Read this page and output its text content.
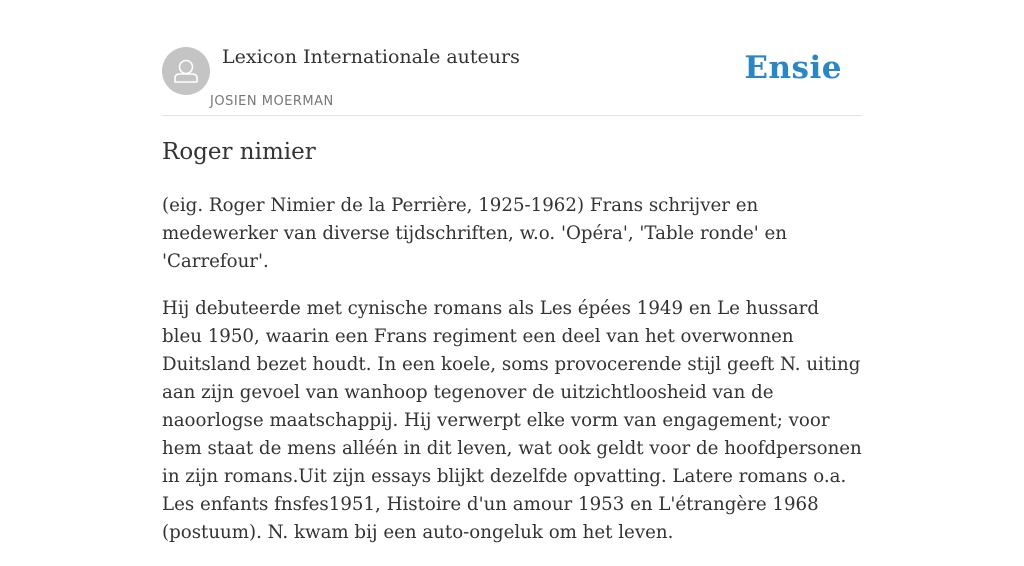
Lexicon Internationale auteurs
JOSIEN MOERMAN
Ensie
Roger nimier

(eig. Roger Nimier de la Perrière, 1925-1962) Frans schrijver en medewerker van diverse tijdschriften, w.o. 'Opéra', 'Table ronde' en 'Carrefour'.

Hij debuteerde met cynische romans als Les épées 1949 en Le hussard bleu 1950, waarin een Frans regiment een deel van het overwonnen Duitsland bezet houdt. In een koele, soms provocerende stijl geeft N. uiting aan zijn gevoel van wanhoop tegenover de uitzichtloosheid van de naoorlogse maatschappij. Hij verwerpt elke vorm van engagement; voor hem staat de mens alléén in dit leven, wat ook geldt voor de hoofdpersonen in zijn romans.Uit zijn essays blijkt dezelfde opvatting. Latere romans o.a. Les enfants fnsfes1951, Histoire d'un amour 1953 en L'étrangère 1968 (postuum). N. kwam bij een auto-ongeluk om het leven.
